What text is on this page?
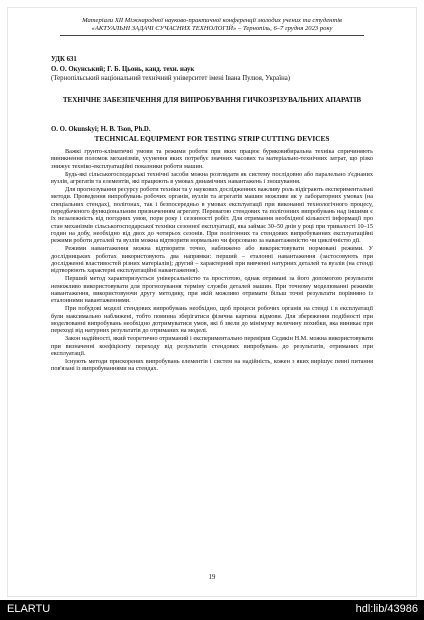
Матеріали XII Міжнародної науково-практичної конференції молодих учених та студентів
«АКТУАЛЬНІ ЗАДАЧІ СУЧАСНИХ ТЕХНОЛОГІЙ» – Тернопіль, 6–7 грудня 2023 року
УДК 631
О. О. Окунський; Г. Б. Цьонь, канд. техн. наук
(Тернопільський національний технічний університет імені Івана Пулюя, Україна)
ТЕХНІЧНЕ ЗАБЕЗПЕЧЕННЯ ДЛЯ ВИПРОБУВАННЯ ГИЧКОЗРІЗУВАЛЬНИХ АПАРАТІВ
O. O. Okunskyi; H. B. Tson, Ph.D.
TECHNICAL EQUIPMENT FOR TESTING STRIP CUTTING DEVICES

Важкі грунто-кліматичні умови та режими роботи при яких працює буряковибиральна техніка спричиняють виникнення поломок механізмів, усунення яких потребує значних часових та матеріально-технічних затрат, що різко знижує техніко-експлуатаційні показники роботи машин.

Будь-які сільськогосподарські технічні засоби можна розглядати як систему послідовно або паралельно з'єднаних вузлів, агрегатів та елементів, які працюють в умовах динамічних навантажень і зношування.

Для прогнозування ресурсу роботи техніки та у наукових дослідженнях важливу роль відіграють експериментальні методи. Проведення випробувань робочих органів, вузлів та агрегатів машин можливе як у лабораторних умовах (на спеціальних стендах), полігонах, так і безпосередньо в умовах експлуатації при виконанні технологічного процесу, передбаченого функціональним призначенням агрегату. Перевагою стендових та полігонних випробувань над іншими є їх незалежність від погодних умов, пори року і сезонності робіт. Для отримання необхідної кількості інформації про стан механізмів сільськогосподарської техніки сезонної експлуатації, яка займає 30–50 днів у році при тривалості 10–15 годин на добу, необхідно від двох до чотирьох сезонів. При полігонних та стендових випробуваннях експлуатаційні режими роботи деталей та вузлів можна відтворити нормально чи форсовано за навантаженістю чи циклічністю дії.

Режими навантаження можна відтворити точно, наближено або використовувати нормовані режими. У дослідницьких роботах використовують два напрямки: перший – еталонні навантаження (застосовують при дослідженні властивостей різних матеріалів); другий – характерний при вивченні натурних деталей та вузлів (на стенді відтворюють характерні експлуатаційні навантаження).

Перший метод характеризується універсальністю та простотою, однак отримані за його допомогою результати неможливо використовувати для прогнозування терміну служби деталей машин. При точному моделюванні режимів навантаження, використовуючи другу методику, при якій можливо отримати більш точні результати порівняно із еталонними навантаженнями.

При побудові моделі стендових випробувань необхідно, щоб процеси робочих органів на стенді і в експлуатації були максимально наближені, тобто повинна зберігатися фізична картина відмови. Для збереження подібності при моделюванні випробувань необхідно дотримуватися умов, які б звели до мінімуму величину похибки, яка виникає при переході від натурних результатів до отриманих на моделі.

Закон надійності, який теоретично отриманий і експериментально перевірив Сєдякін Н.М. можна використовувати при визначенні коефіцієнту переходу від результатів стендових випробувань до результатів, отриманих при експлуатації.

Існують методи прискорених випробувань елементів і систем на надійність, кожен з яких вирішує певні питання пов'язані із випробуваннями на стендах.

19
ELARTU	hdl:lib/43986
